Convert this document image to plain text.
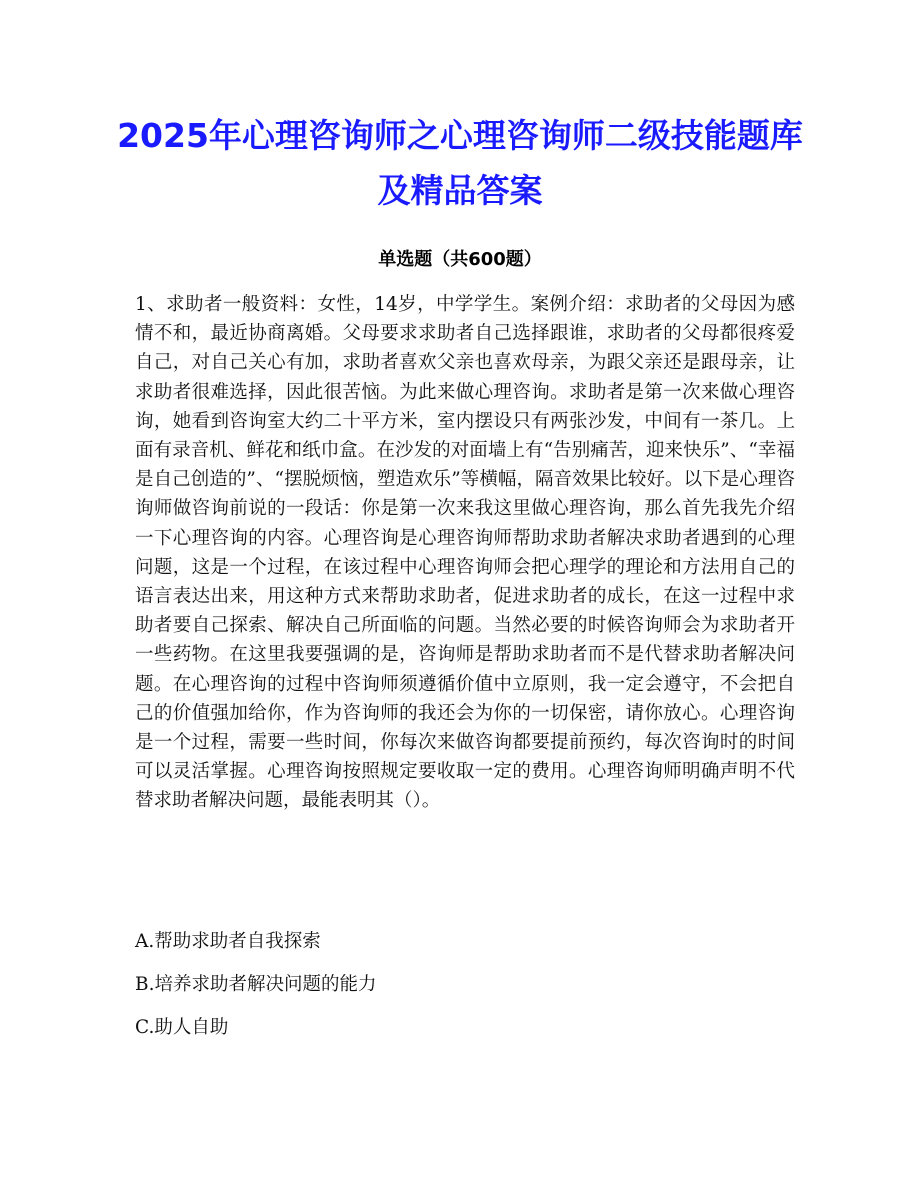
2025年心理咨询师之心理咨询师二级技能题库及精品答案
单选题（共600题）

1、求助者一般资料：女性，14岁，中学学生。案例介绍：求助者的父母因为感情不和，最近协商离婚。父母要求求助者自己选择跟谁，求助者的父母都很疼爱自己，对自己关心有加，求助者喜欢父亲也喜欢母亲，为跟父亲还是跟母亲，让求助者很难选择，因此很苦恼。为此来做心理咨询。求助者是第一次来做心理咨询，她看到咨询室大约二十平方米，室内摆设只有两张沙发，中间有一茶几。上面有录音机、鲜花和纸巾盒。在沙发的对面墙上有“告别痛苦，迎来快乐”、“幸福是自己创造的”、“摆脱烦恼，塑造欢乐”等横幅，隔音效果比较好。以下是心理咨询师做咨询前说的一段话：你是第一次来我这里做心理咨询，那么首先我先介绍一下心理咨询的内容。心理咨询是心理咨询师帮助求助者解决求助者遇到的心理问题，这是一个过程，在该过程中心理咨询师会把心理学的理论和方法用自己的语言表达出来，用这种方式来帮助求助者，促进求助者的成长，在这一过程中求助者要自己探索、解决自己所面临的问题。当然必要的时候咨询师会为求助者开一些药物。在这里我要强调的是，咨询师是帮助求助者而不是代替求助者解决问题。在心理咨询的过程中咨询师须遵循价值中立原则，我一定会遵守，不会把自己的价值强加给你，作为咨询师的我还会为你的一切保密，请你放心。心理咨询是一个过程，需要一些时间，你每次来做咨询都要提前预约，每次咨询时的时间可以灵活掌握。心理咨询按照规定要收取一定的费用。心理咨询师明确声明不代替求助者解决问题，最能表明其（）。

A.帮助求助者自我探索
B.培养求助者解决问题的能力
C.助人自助
